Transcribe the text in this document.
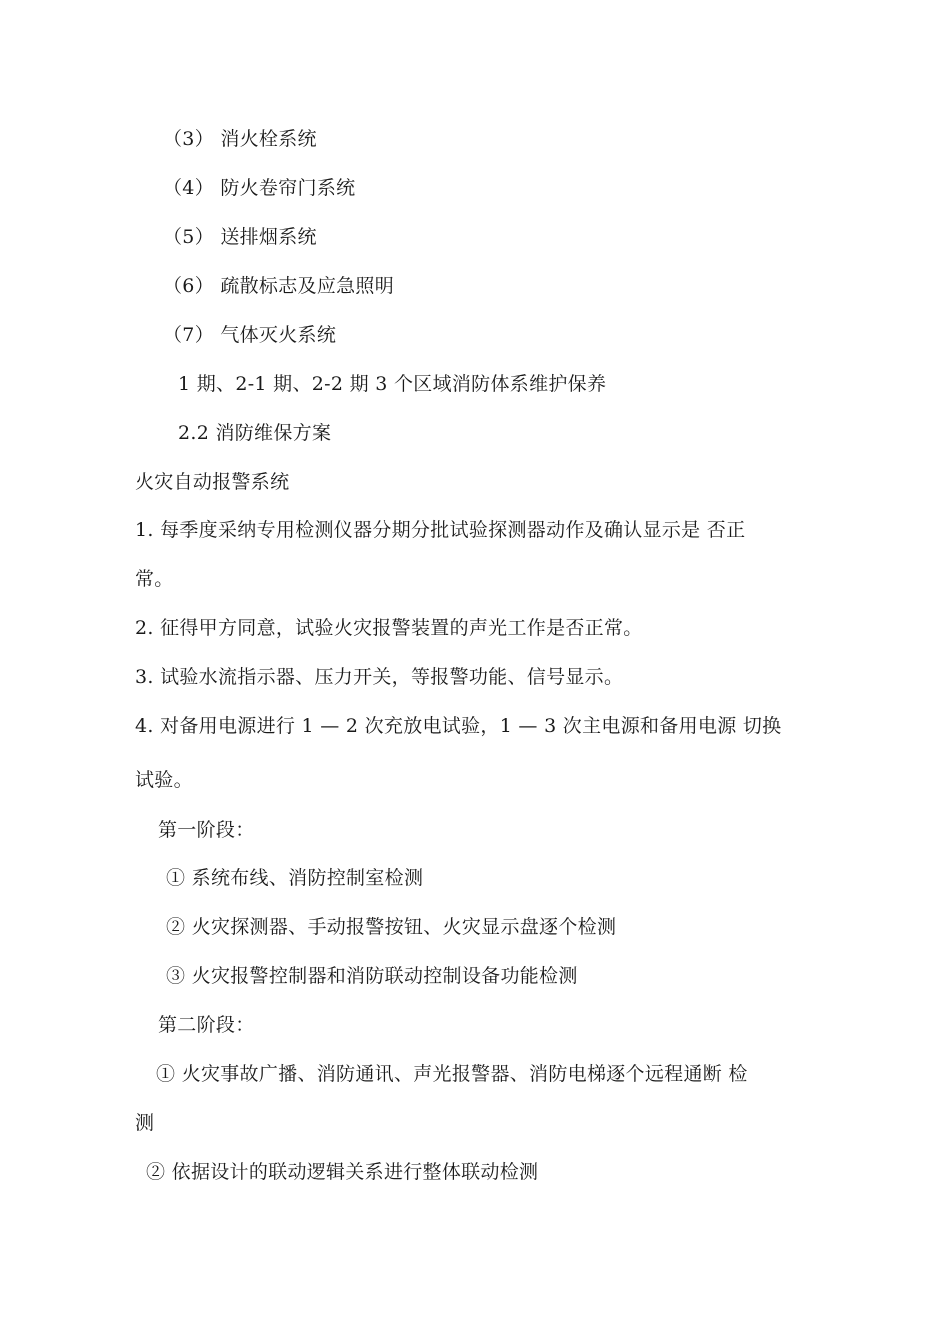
（3） 消火栓系统
（4） 防火卷帘门系统
（5） 送排烟系统
（6） 疏散标志及应急照明
（7） 气体灭火系统
1 期、2-1 期、2-2 期 3 个区域消防体系维护保养
2.2 消防维保方案
火灾自动报警系统
1. 每季度采纳专用检测仪器分期分批试验探测器动作及确认显示是 否正
常。
2. 征得甲方同意，试验火灾报警装置的声光工作是否正常。
3. 试验水流指示器、压力开关，等报警功能、信号显示。
4. 对备用电源进行 1 — 2 次充放电试验，1 — 3 次主电源和备用电源 切换
试验。
第一阶段：
① 系统布线、消防控制室检测
② 火灾探测器、手动报警按钮、火灾显示盘逐个检测
③ 火灾报警控制器和消防联动控制设备功能检测
第二阶段：
① 火灾事故广播、消防通讯、声光报警器、消防电梯逐个远程通断 检
测
② 依据设计的联动逻辑关系进行整体联动检测
